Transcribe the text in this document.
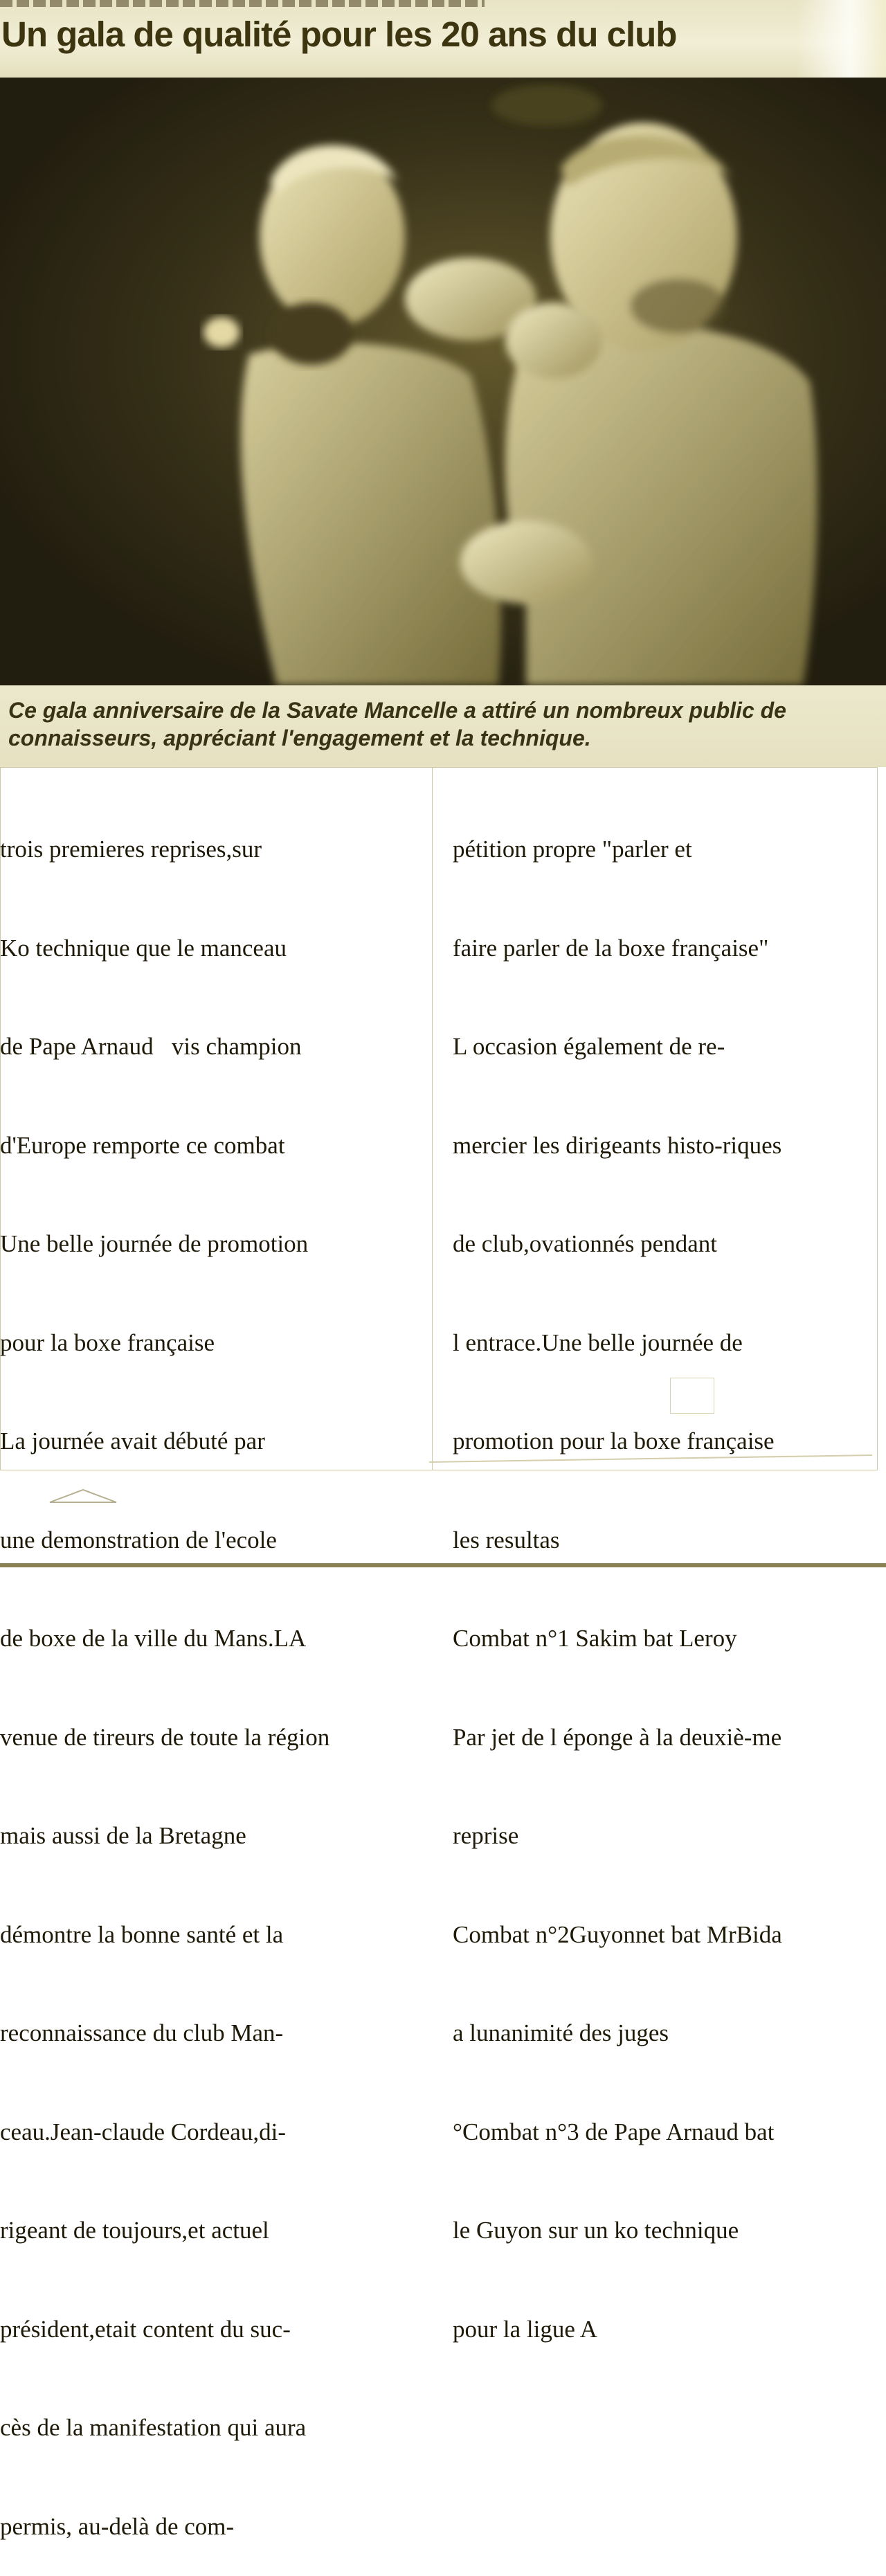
Un gala de qualité pour les 20 ans du club

Ce gala anniversaire de la Savate Mancelle a attiré un nombreux public de connaisseurs, appréciant l'engagement et la technique.

trois premieres reprises,sur

Ko technique que le manceau

de Pape Arnaud   vis champion

d'Europe remporte ce combat

Une belle journée de promotion

pour la boxe française

La journée avait débuté par

une demonstration de l'ecole

de boxe de la ville du Mans.LA

venue de tireurs de toute la région

mais aussi de la Bretagne

démontre la bonne santé et la

reconnaissance du club Man-

ceau.Jean-claude Cordeau,di-

rigeant de toujours,et actuel

président,etait content du suc-

cès de la manifestation qui aura

permis, au-delà de com-

pétition propre "parler et

faire parler de la boxe française"

L occasion également de re-

mercier les dirigeants histo-riques

de club,ovationnés pendant

l entrace.Une belle journée de

promotion pour la boxe française

les resultas

Combat n°1 Sakim bat Leroy

Par jet de l éponge à la deuxiè-me

reprise

Combat n°2Guyonnet bat MrBida

a lunanimité des juges

°Combat n°3 de Pape Arnaud bat

le Guyon sur un ko technique

pour la ligue A
